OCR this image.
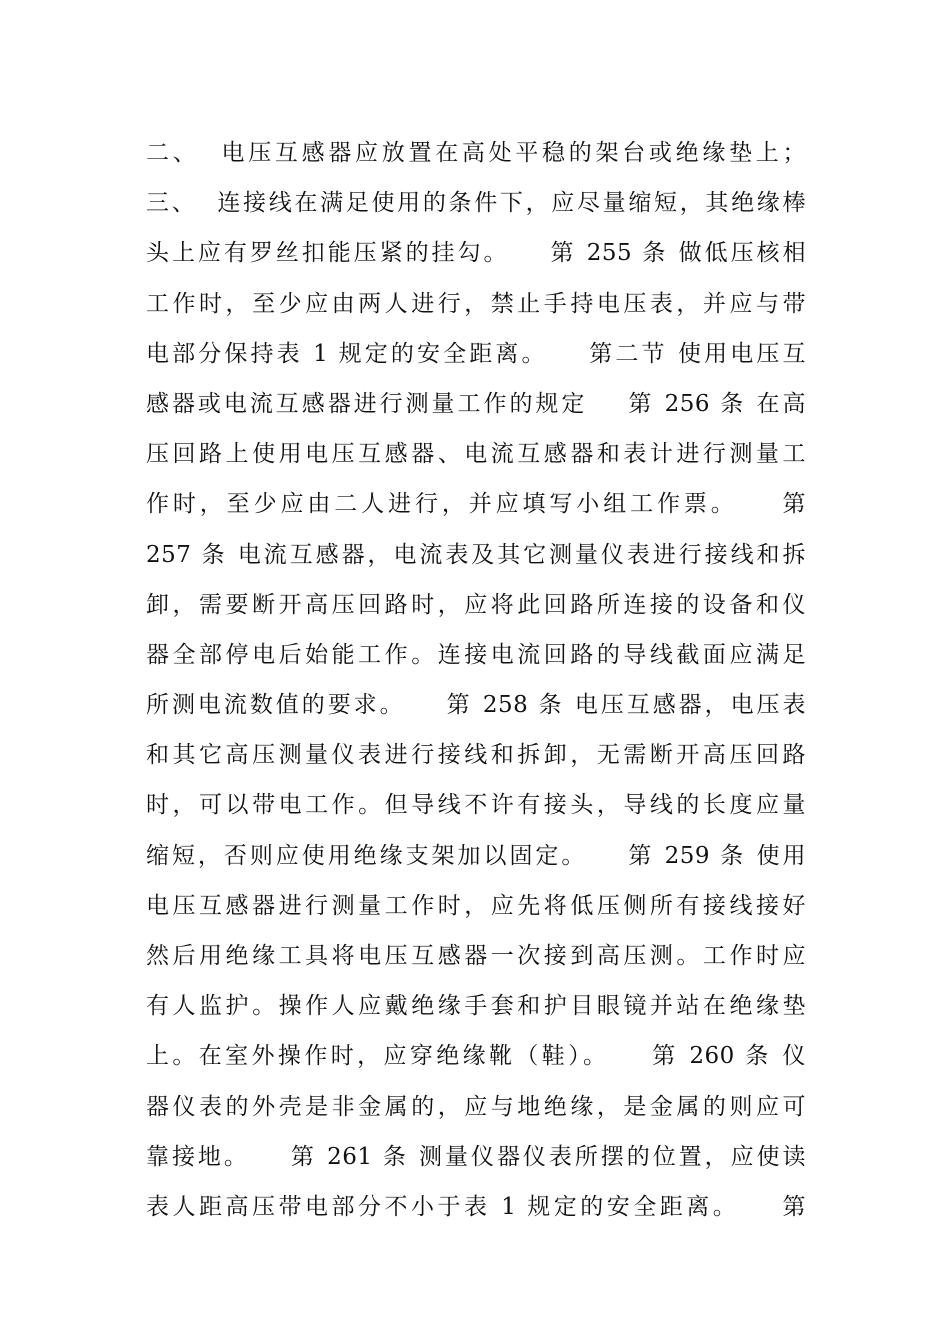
二、  电压互感器应放置在高处平稳的架台或绝缘垫上；
三、  连接线在满足使用的条件下，应尽量缩短，其绝缘棒
头上应有罗丝扣能压紧的挂勾。    第 255 条 做低压核相
工作时，至少应由两人进行，禁止手持电压表，并应与带
电部分保持表 1 规定的安全距离。    第二节 使用电压互
感器或电流互感器进行测量工作的规定    第 256 条 在高
压回路上使用电压互感器、电流互感器和表计进行测量工
作时，至少应由二人进行，并应填写小组工作票。    第
257 条 电流互感器，电流表及其它测量仪表进行接线和拆
卸，需要断开高压回路时，应将此回路所连接的设备和仪
器全部停电后始能工作。连接电流回路的导线截面应满足
所测电流数值的要求。    第 258 条 电压互感器，电压表
和其它高压测量仪表进行接线和拆卸，无需断开高压回路
时，可以带电工作。但导线不许有接头，导线的长度应量
缩短，否则应使用绝缘支架加以固定。    第 259 条 使用
电压互感器进行测量工作时，应先将低压侧所有接线接好
然后用绝缘工具将电压互感器一次接到高压测。工作时应
有人监护。操作人应戴绝缘手套和护目眼镜并站在绝缘垫
上。在室外操作时，应穿绝缘靴（鞋）。    第 260 条 仪
器仪表的外壳是非金属的，应与地绝缘，是金属的则应可
靠接地。    第 261 条 测量仪器仪表所摆的位置，应使读
表人距高压带电部分不小于表 1 规定的安全距离。    第
